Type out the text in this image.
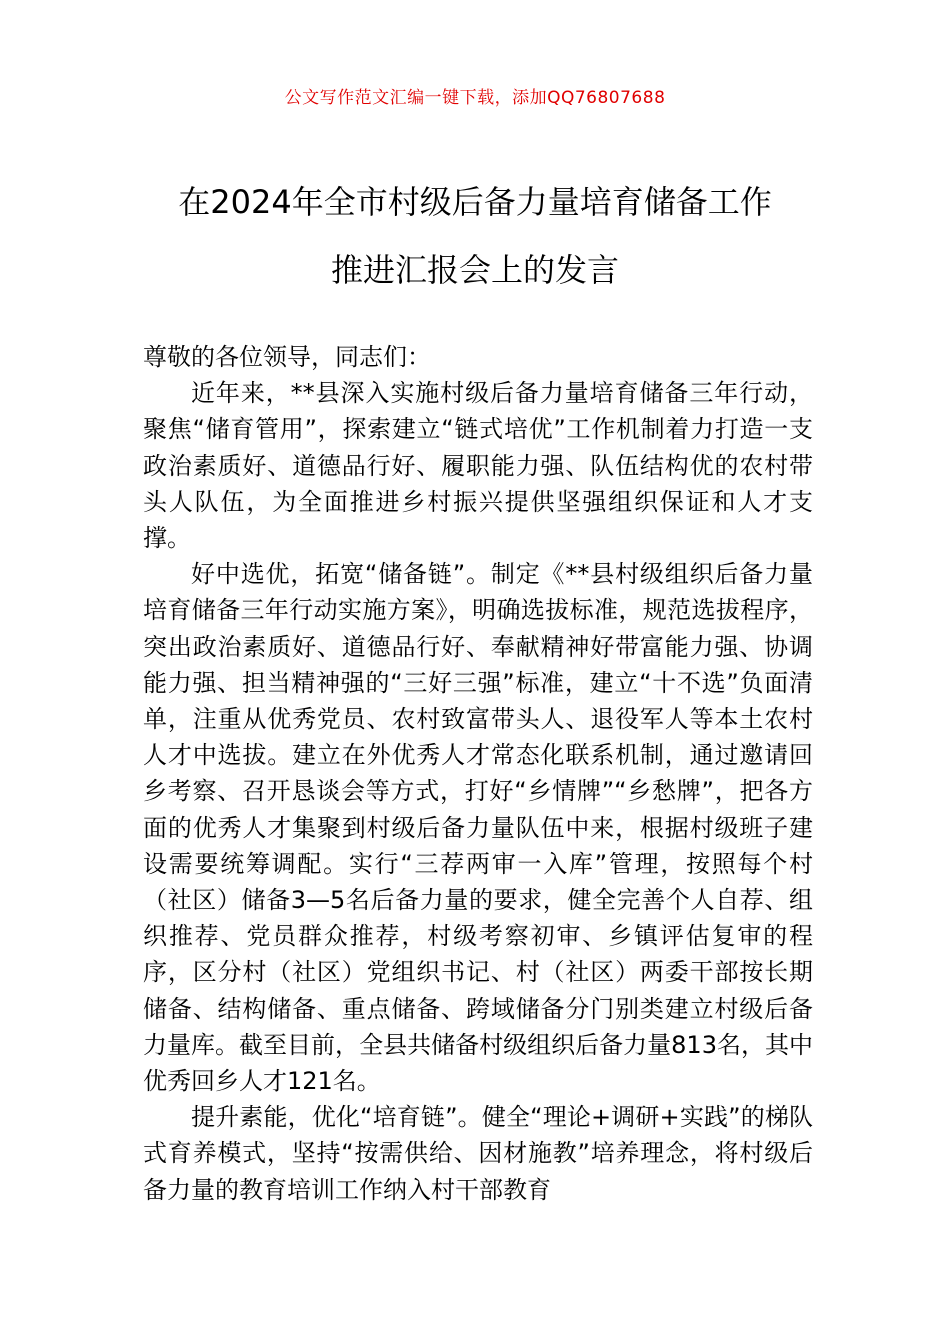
公文写作范文汇编一键下载，添加QQ76807688
在2024年全市村级后备力量培育储备工作
推进汇报会上的发言

尊敬的各位领导，同志们：

近年来，**县深入实施村级后备力量培育储备三年行动，聚焦“储育管用”，探索建立“链式培优”工作机制着力打造一支政治素质好、道德品行好、履职能力强、队伍结构优的农村带头人队伍，为全面推进乡村振兴提供坚强组织保证和人才支撑。

好中选优，拓宽“储备链”。制定《**县村级组织后备力量培育储备三年行动实施方案》，明确选拔标准，规范选拔程序，突出政治素质好、道德品行好、奉献精神好带富能力强、协调能力强、担当精神强的“三好三强”标准，建立“十不选”负面清单，注重从优秀党员、农村致富带头人、退役军人等本土农村人才中选拔。建立在外优秀人才常态化联系机制，通过邀请回乡考察、召开恳谈会等方式，打好“乡情牌”“乡愁牌”，把各方面的优秀人才集聚到村级后备力量队伍中来，根据村级班子建设需要统筹调配。实行“三荐两审一入库”管理，按照每个村（社区）储备3—5名后备力量的要求，健全完善个人自荐、组织推荐、党员群众推荐，村级考察初审、乡镇评估复审的程序，区分村（社区）党组织书记、村（社区）两委干部按长期储备、结构储备、重点储备、跨域储备分门别类建立村级后备力量库。截至目前，全县共储备村级组织后备力量813名，其中优秀回乡人才121名。

提升素能，优化“培育链”。健全“理论+调研+实践”的梯队式育养模式，坚持“按需供给、因材施教”培养理念，将村级后备力量的教育培训工作纳入村干部教育
